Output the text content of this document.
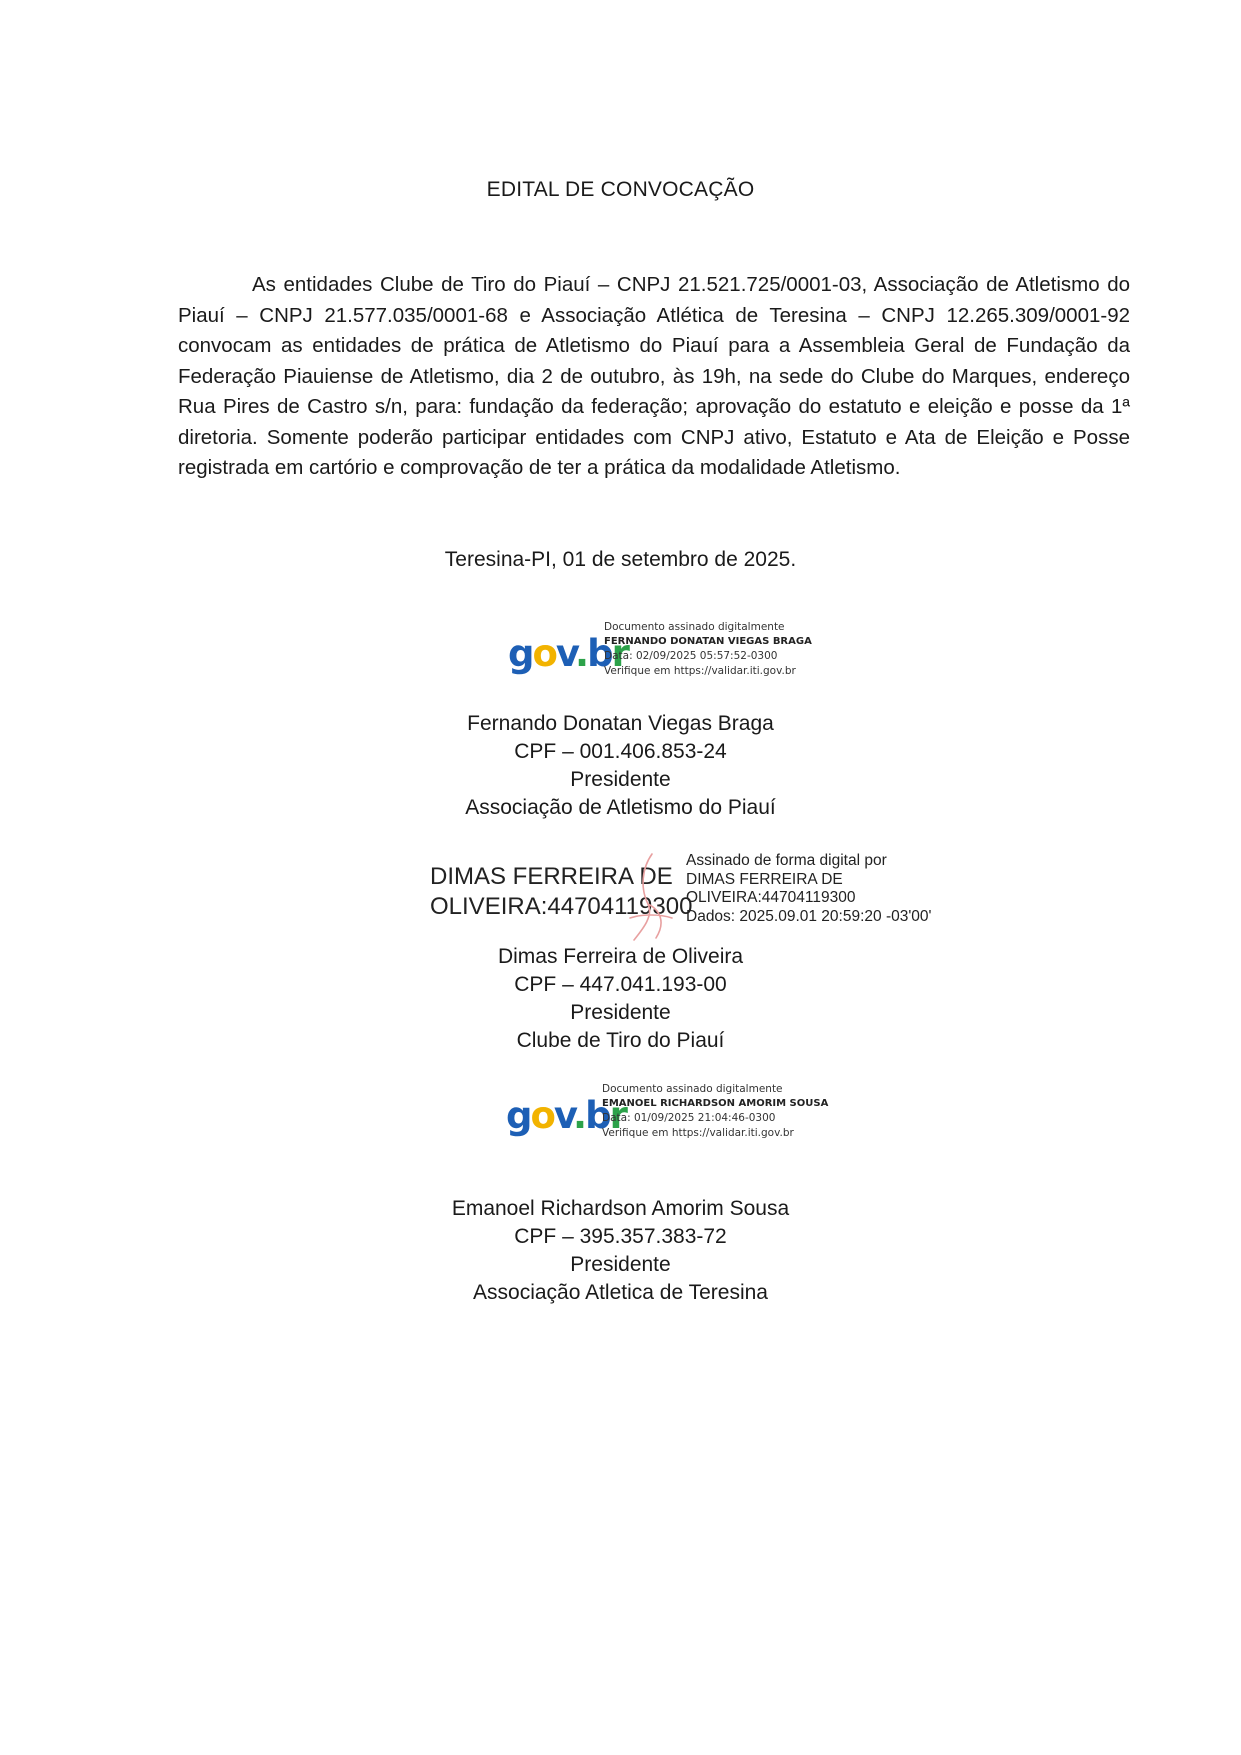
EDITAL DE CONVOCAÇÃO

As entidades Clube de Tiro do Piauí – CNPJ 21.521.725/0001-03, Associação de Atletismo do Piauí – CNPJ 21.577.035/0001-68 e Associação Atlética de Teresina – CNPJ 12.265.309/0001-92 convocam as entidades de prática de Atletismo do Piauí para a Assembleia Geral de Fundação da Federação Piauiense de Atletismo, dia 2 de outubro, às 19h, na sede do Clube do Marques, endereço Rua Pires de Castro s/n, para: fundação da federação; aprovação do estatuto e eleição e posse da 1ª diretoria. Somente poderão participar entidades com CNPJ ativo, Estatuto e Ata de Eleição e Posse registrada em cartório e comprovação de ter a prática da modalidade Atletismo.

Teresina-PI, 01 de setembro de 2025.
gov.br
Documento assinado digitalmente
FERNANDO DONATAN VIEGAS BRAGA
Data: 02/09/2025 05:57:52-0300
Verifique em https://validar.iti.gov.br
Fernando Donatan Viegas Braga
CPF – 001.406.853-24
Presidente
Associação de Atletismo do Piauí
DIMAS FERREIRA DE
OLIVEIRA:44704119300
Assinado de forma digital por
DIMAS FERREIRA DE
OLIVEIRA:44704119300
Dados: 2025.09.01 20:59:20 -03'00'
Dimas Ferreira de Oliveira
CPF – 447.041.193-00
Presidente
Clube de Tiro do Piauí
gov.br
Documento assinado digitalmente
EMANOEL RICHARDSON AMORIM SOUSA
Data: 01/09/2025 21:04:46-0300
Verifique em https://validar.iti.gov.br
Emanoel Richardson Amorim Sousa
CPF – 395.357.383-72
Presidente
Associação Atletica de Teresina
